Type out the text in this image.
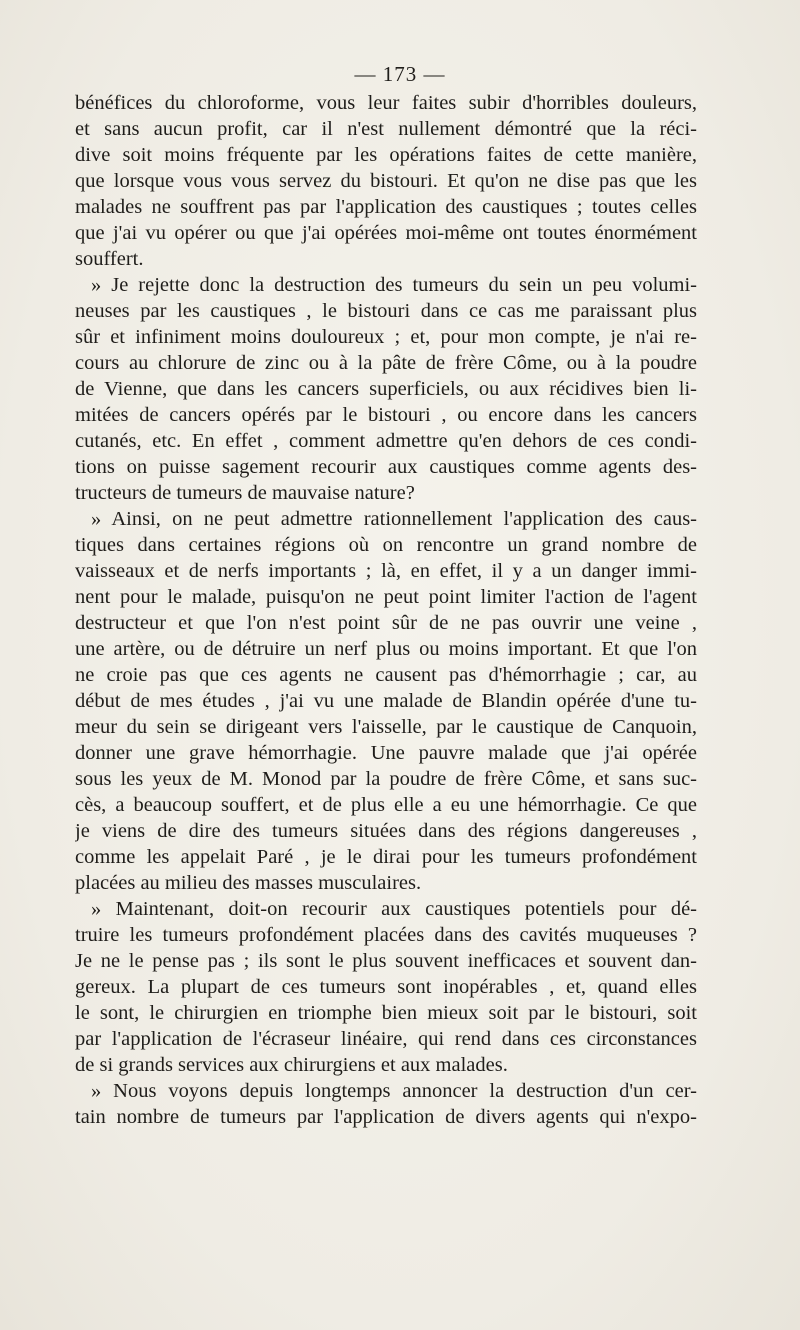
— 173 —
bénéfices du chloroforme, vous leur faites subir d'horribles douleurs,
et sans aucun profit, car il n'est nullement démontré que la réci-
dive soit moins fréquente par les opérations faites de cette manière,
que lorsque vous vous servez du bistouri. Et qu'on ne dise pas que les
malades ne souffrent pas par l'application des caustiques ; toutes celles
que j'ai vu opérer ou que j'ai opérées moi-même ont toutes énormément
souffert.
» Je rejette donc la destruction des tumeurs du sein un peu volumi-
neuses par les caustiques , le bistouri dans ce cas me paraissant plus
sûr et infiniment moins douloureux ; et, pour mon compte, je n'ai re-
cours au chlorure de zinc ou à la pâte de frère Côme, ou à la poudre
de Vienne, que dans les cancers superficiels, ou aux récidives bien li-
mitées de cancers opérés par le bistouri , ou encore dans les cancers
cutanés, etc. En effet , comment admettre qu'en dehors de ces condi-
tions on puisse sagement recourir aux caustiques comme agents des-
tructeurs de tumeurs de mauvaise nature?
» Ainsi, on ne peut admettre rationnellement l'application des caus-
tiques dans certaines régions où on rencontre un grand nombre de
vaisseaux et de nerfs importants ; là, en effet, il y a un danger immi-
nent pour le malade, puisqu'on ne peut point limiter l'action de l'agent
destructeur et que l'on n'est point sûr de ne pas ouvrir une veine ,
une artère, ou de détruire un nerf plus ou moins important. Et que l'on
ne croie pas que ces agents ne causent pas d'hémorrhagie ; car, au
début de mes études , j'ai vu une malade de Blandin opérée d'une tu-
meur du sein se dirigeant vers l'aisselle, par le caustique de Canquoin,
donner une grave hémorrhagie. Une pauvre malade que j'ai opérée
sous les yeux de M. Monod par la poudre de frère Côme, et sans suc-
cès, a beaucoup souffert, et de plus elle a eu une hémorrhagie. Ce que
je viens de dire des tumeurs situées dans des régions dangereuses ,
comme les appelait Paré , je le dirai pour les tumeurs profondément
placées au milieu des masses musculaires.
» Maintenant, doit-on recourir aux caustiques potentiels pour dé-
truire les tumeurs profondément placées dans des cavités muqueuses ?
Je ne le pense pas ; ils sont le plus souvent inefficaces et souvent dan-
gereux. La plupart de ces tumeurs sont inopérables , et, quand elles
le sont, le chirurgien en triomphe bien mieux soit par le bistouri, soit
par l'application de l'écraseur linéaire, qui rend dans ces circonstances
de si grands services aux chirurgiens et aux malades.
» Nous voyons depuis longtemps annoncer la destruction d'un cer-
tain nombre de tumeurs par l'application de divers agents qui n'expo-
